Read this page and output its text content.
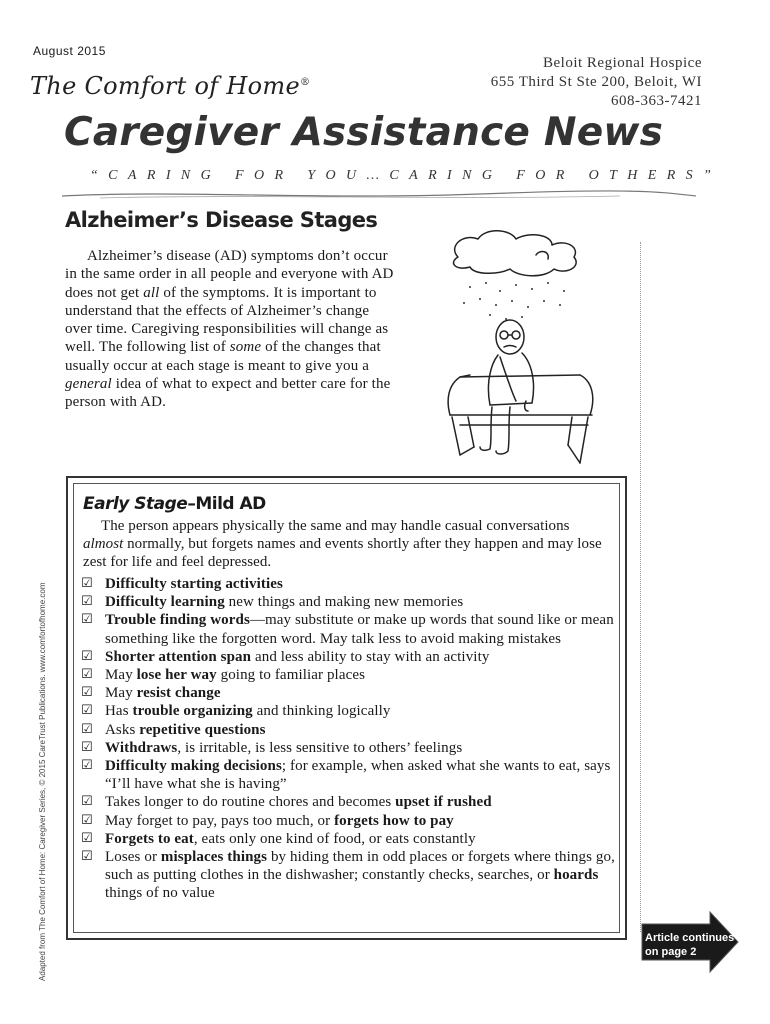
August 2015
The Comfort of Home®
Beloit Regional Hospice
655 Third St Ste 200, Beloit, WI
608-363-7421
Caregiver Assistance News
“CARING FOR YOU…CARING FOR OTHERS”
Alzheimer’s Disease Stages

Alzheimer’s disease (AD) symptoms don’t occur in the same order in all people and everyone with AD does not get all of the symptoms. It is important to understand that the effects of Alzheimer’s change over time. Caregiving responsibilities will change as well. The following list of some of the changes that usually occur at each stage is meant to give you a general idea of what to expect and better care for the person with AD.

Early Stage–Mild AD

The person appears physically the same and may handle casual conversations almost normally, but forgets names and events shortly after they happen and may lose zest for life and feel depressed.

☑ Difficulty starting activities
☑ Difficulty learning new things and making new memories
☑ Trouble finding words—may substitute or make up words that sound like or mean something like the forgotten word. May talk less to avoid making mistakes
☑ Shorter attention span and less ability to stay with an activity
☑ May lose her way going to familiar places
☑ May resist change
☑ Has trouble organizing and thinking logically
☑ Asks repetitive questions
☑ Withdraws, is irritable, is less sensitive to others’ feelings
☑ Difficulty making decisions; for example, when asked what she wants to eat, says “I’ll have what she is having”
☑ Takes longer to do routine chores and becomes upset if rushed
☑ May forget to pay, pays too much, or forgets how to pay
☑ Forgets to eat, eats only one kind of food, or eats constantly
☑ Loses or misplaces things by hiding them in odd places or forgets where things go, such as putting clothes in the dishwasher; constantly checks, searches, or hoards things of no value
Adapted from The Comfort of Home: Caregiver Series, © 2015 CareTrust Publications. www.comfortofhome.com	Article continues
on page 2
